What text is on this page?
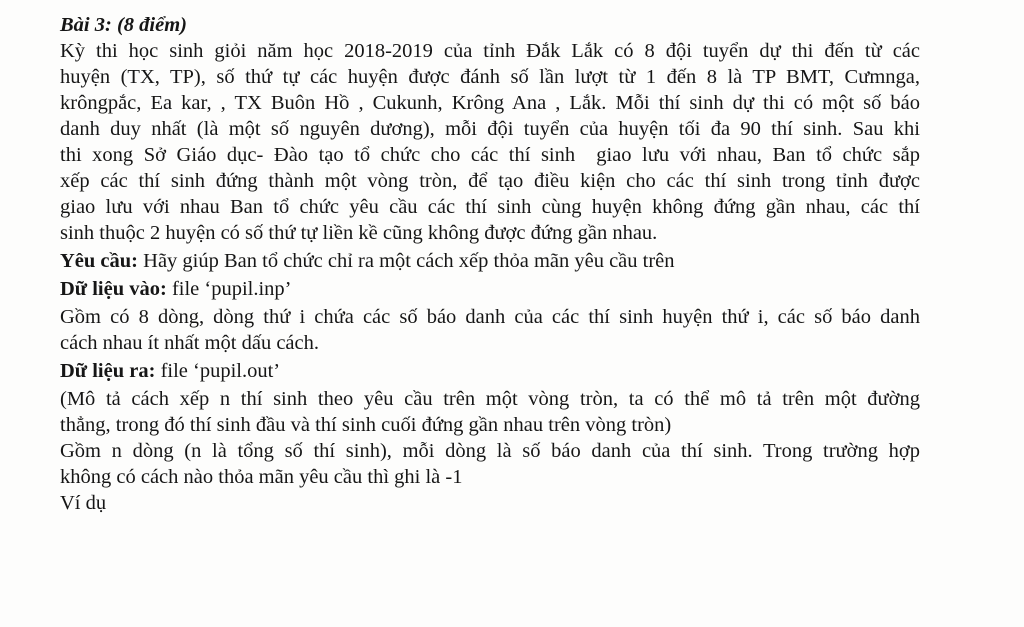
Bài 3: (8 điểm)
Kỳ thi học sinh giỏi năm học 2018-2019 của tỉnh Đắk Lắk có 8 đội tuyển dự thi đến từ các
huyện (TX, TP), số thứ tự các huyện được đánh số lần lượt từ 1 đến 8 là TP BMT, Cưmnga,
krôngpắc, Ea kar, , TX Buôn Hồ , Cukunh, Krông Ana , Lắk. Mỗi thí sinh dự thi có một số báo
danh duy nhất (là một số nguyên dương), mỗi đội tuyển của huyện tối đa 90 thí sinh. Sau khi
thi xong Sở Giáo dục- Đào tạo tổ chức cho các thí sinh  giao lưu với nhau, Ban tổ chức sắp
xếp các thí sinh đứng thành một vòng tròn, để tạo điều kiện cho các thí sinh trong tỉnh được
giao lưu với nhau Ban tổ chức yêu cầu các thí sinh cùng huyện không đứng gần nhau, các thí
sinh thuộc 2 huyện có số thứ tự liền kề cũng không được đứng gần nhau.
Yêu cầu: Hãy giúp Ban tổ chức chỉ ra một cách xếp thỏa mãn yêu cầu trên
Dữ liệu vào: file ‘pupil.inp’
Gồm có 8 dòng, dòng thứ i chứa các số báo danh của các thí sinh huyện thứ i, các số báo danh
cách nhau ít nhất một dấu cách.
Dữ liệu ra: file ‘pupil.out’
(Mô tả cách xếp n thí sinh theo yêu cầu trên một vòng tròn, ta có thể mô tả trên một đường
thẳng, trong đó thí sinh đầu và thí sinh cuối đứng gần nhau trên vòng tròn)
Gồm n dòng (n là tổng số thí sinh), mỗi dòng là số báo danh của thí sinh. Trong trường hợp
không có cách nào thỏa mãn yêu cầu thì ghi là -1
Ví dụ
